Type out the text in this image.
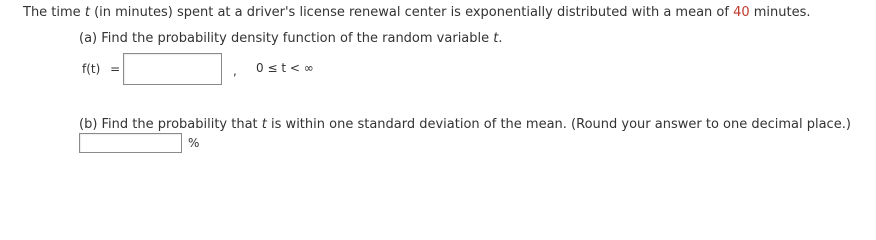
The time t (in minutes) spent at a driver's license renewal center is exponentially distributed with a mean of 40 minutes.
(a) Find the probability density function of the random variable t.
f(t) =	, 0 ≤ t < ∞
(b) Find the probability that t is within one standard deviation of the mean. (Round your answer to one decimal place.)
%
